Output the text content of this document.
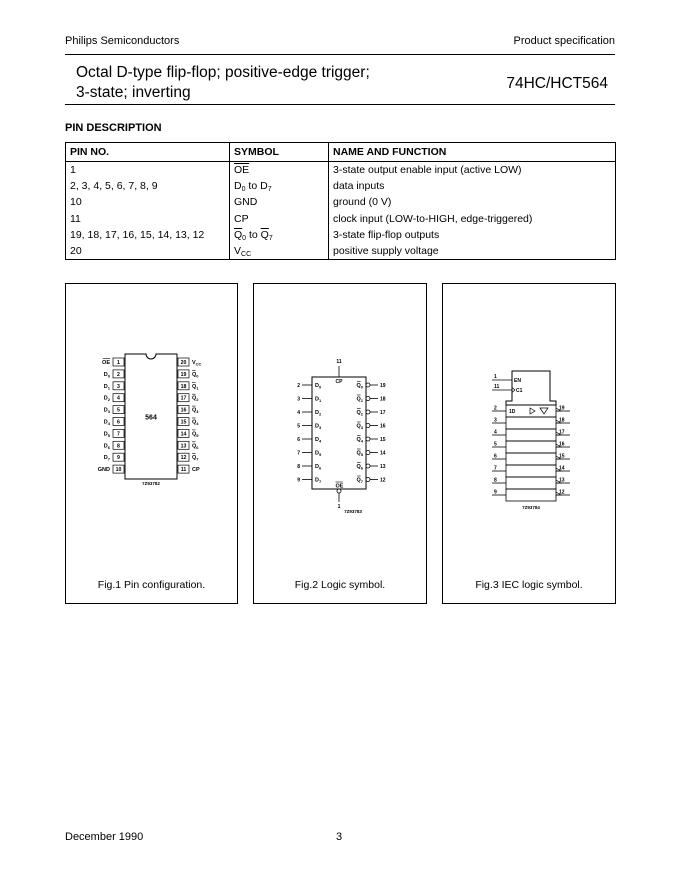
Philips Semiconductors	Product specification
Octal D-type flip-flop; positive-edge trigger;
3-state; inverting
74HC/HCT564
PIN DESCRIPTION
PIN NO.	SYMBOL	NAME AND FUNCTION
1	$\overline{OE}$	3-state output enable input (active LOW)
2, 3, 4, 5, 6, 7, 8, 9	$D_0$ to $D_7$	data inputs
10	GND	ground (0 V)
11	CP	clock input (LOW-to-HIGH, edge-triggered)
19, 18, 17, 16, 15, 14, 13, 12	$\overline{Q}_0$ to $\overline{Q}_7$	3-state flip-flop outputs
20	$V_{CC}$	positive supply voltage
564
1
OE
2
$D_0$
3
$D_1$
4
$D_2$
5
$D_3$
6
$D_4$
7
$D_5$
8
$D_6$
9
$D_7$
10
GND
20 $V_{CC}$
19 $Q_0$
18 $Q_1$
17 $Q_2$
16 $Q_3$
15 $Q_4$
14 $Q_5$
13 $Q_6$
12 $Q_7$
11 CP
7Z93782
Fig.1 Pin configuration.
11
CP
OE
1
2	$D_0$
3	$D_1$
4	$D_2$
5	$D_3$
6	$D_4$
7	$D_5$
8	$D_6$
9	$D_7$
19
$Q_0$
18
$Q_1$
17
$Q_2$
16
$Q_3$
15
$Q_4$
14
$Q_5$
13
$Q_6$
12
$Q_7$
7Z93783
Fig.2 Logic symbol.
1
EN
11
C1
2	19
3	18
4	17
5	16
6	15
7	14
8	13
9	12
1D
7Z93784
Fig.3 IEC logic symbol.
December 1990	3
